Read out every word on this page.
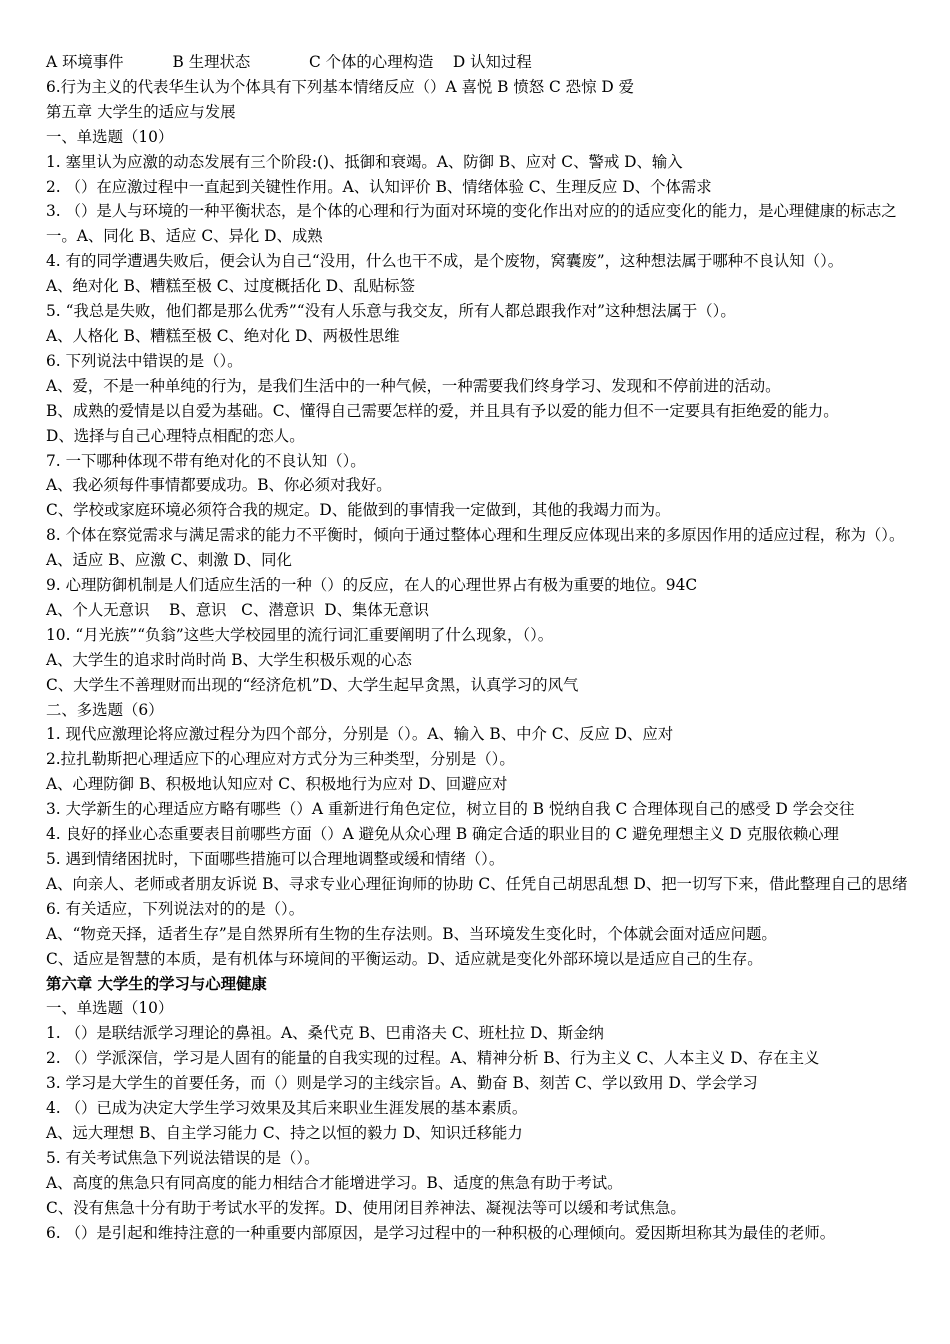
A 环境事件          B 生理状态            C 个体的心理构造    D 认知过程

6.行为主义的代表华生认为个体具有下列基本情绪反应（）A 喜悦 B 愤怒 C 恐惊 D 爱

第五章 大学生的适应与发展

一、单选题（10）

1. 塞里认为应激的动态发展有三个阶段:()、抵御和衰竭。A、防御 B、应对 C、警戒 D、输入

2. （）在应激过程中一直起到关键性作用。A、认知评价 B、情绪体验 C、生理反应 D、个体需求

3. （）是人与环境的一种平衡状态，是个体的心理和行为面对环境的变化作出对应的的适应变化的能力，是心理健康的标志之一。A、同化 B、适应 C、异化 D、成熟

4. 有的同学遭遇失败后，便会认为自己“没用，什么也干不成，是个废物，窝囊废”，这种想法属于哪种不良认知（）。

A、绝对化 B、糟糕至极 C、过度概括化 D、乱贴标签

5. “我总是失败，他们都是那么优秀”“没有人乐意与我交友，所有人都总跟我作对”这种想法属于（）。

A、人格化 B、糟糕至极 C、绝对化 D、两极性思维

6. 下列说法中错误的是（）。

A、爱，不是一种单纯的行为，是我们生活中的一种气候，一种需要我们终身学习、发现和不停前进的活动。

B、成熟的爱情是以自爱为基础。C、懂得自己需要怎样的爱，并且具有予以爱的能力但不一定要具有拒绝爱的能力。

D、选择与自己心理特点相配的恋人。

7. 一下哪种体现不带有绝对化的不良认知（）。

A、我必须每件事情都要成功。B、你必须对我好。

C、学校或家庭环境必须符合我的规定。D、能做到的事情我一定做到，其他的我竭力而为。

8. 个体在察觉需求与满足需求的能力不平衡时，倾向于通过整体心理和生理反应体现出来的多原因作用的适应过程，称为（）。A、适应 B、应激 C、刺激 D、同化

9. 心理防御机制是人们适应生活的一种（）的反应，在人的心理世界占有极为重要的地位。94C

A、个人无意识    B、意识   C、潜意识  D、集体无意识

10. “月光族”“负翁”这些大学校园里的流行词汇重要阐明了什么现象，（）。

A、大学生的追求时尚时尚 B、大学生积极乐观的心态

C、大学生不善理财而出现的“经济危机”D、大学生起早贪黑，认真学习的风气

二、多选题（6）

1. 现代应激理论将应激过程分为四个部分，分别是（）。A、输入 B、中介 C、反应 D、应对

2.拉扎勒斯把心理适应下的心理应对方式分为三种类型，分别是（）。

A、心理防御 B、积极地认知应对 C、积极地行为应对 D、回避应对

3. 大学新生的心理适应方略有哪些（）A 重新进行角色定位，树立目的 B 悦纳自我 C 合理体现自己的感受 D 学会交往

4. 良好的择业心态重要表目前哪些方面（）A 避免从众心理 B 确定合适的职业目的 C 避免理想主义 D 克服依赖心理

5. 遇到情绪困扰时，下面哪些措施可以合理地调整或缓和情绪（）。

A、向亲人、老师或者朋友诉说 B、寻求专业心理征询师的协助 C、任凭自己胡思乱想 D、把一切写下来，借此整理自己的思绪

6. 有关适应，下列说法对的的是（）。

A、“物竞天择，适者生存”是自然界所有生物的生存法则。B、当环境发生变化时，个体就会面对适应问题。

C、适应是智慧的本质，是有机体与环境间的平衡运动。D、适应就是变化外部环境以是适应自己的生存。

第六章 大学生的学习与心理健康

一、单选题（10）

1. （）是联结派学习理论的鼻祖。A、桑代克 B、巴甫洛夫 C、班杜拉 D、斯金纳

2. （）学派深信，学习是人固有的能量的自我实现的过程。A、精神分析 B、行为主义 C、人本主义 D、存在主义

3. 学习是大学生的首要任务，而（）则是学习的主线宗旨。A、勤奋 B、刻苦 C、学以致用 D、学会学习

4. （）已成为决定大学生学习效果及其后来职业生涯发展的基本素质。

A、远大理想 B、自主学习能力 C、持之以恒的毅力 D、知识迁移能力

5. 有关考试焦急下列说法错误的是（）。

A、高度的焦急只有同高度的能力相结合才能增进学习。B、适度的焦急有助于考试。

C、没有焦急十分有助于考试水平的发挥。D、使用闭目养神法、凝视法等可以缓和考试焦急。

6. （）是引起和维持注意的一种重要内部原因，是学习过程中的一种积极的心理倾向。爱因斯坦称其为最佳的老师。
